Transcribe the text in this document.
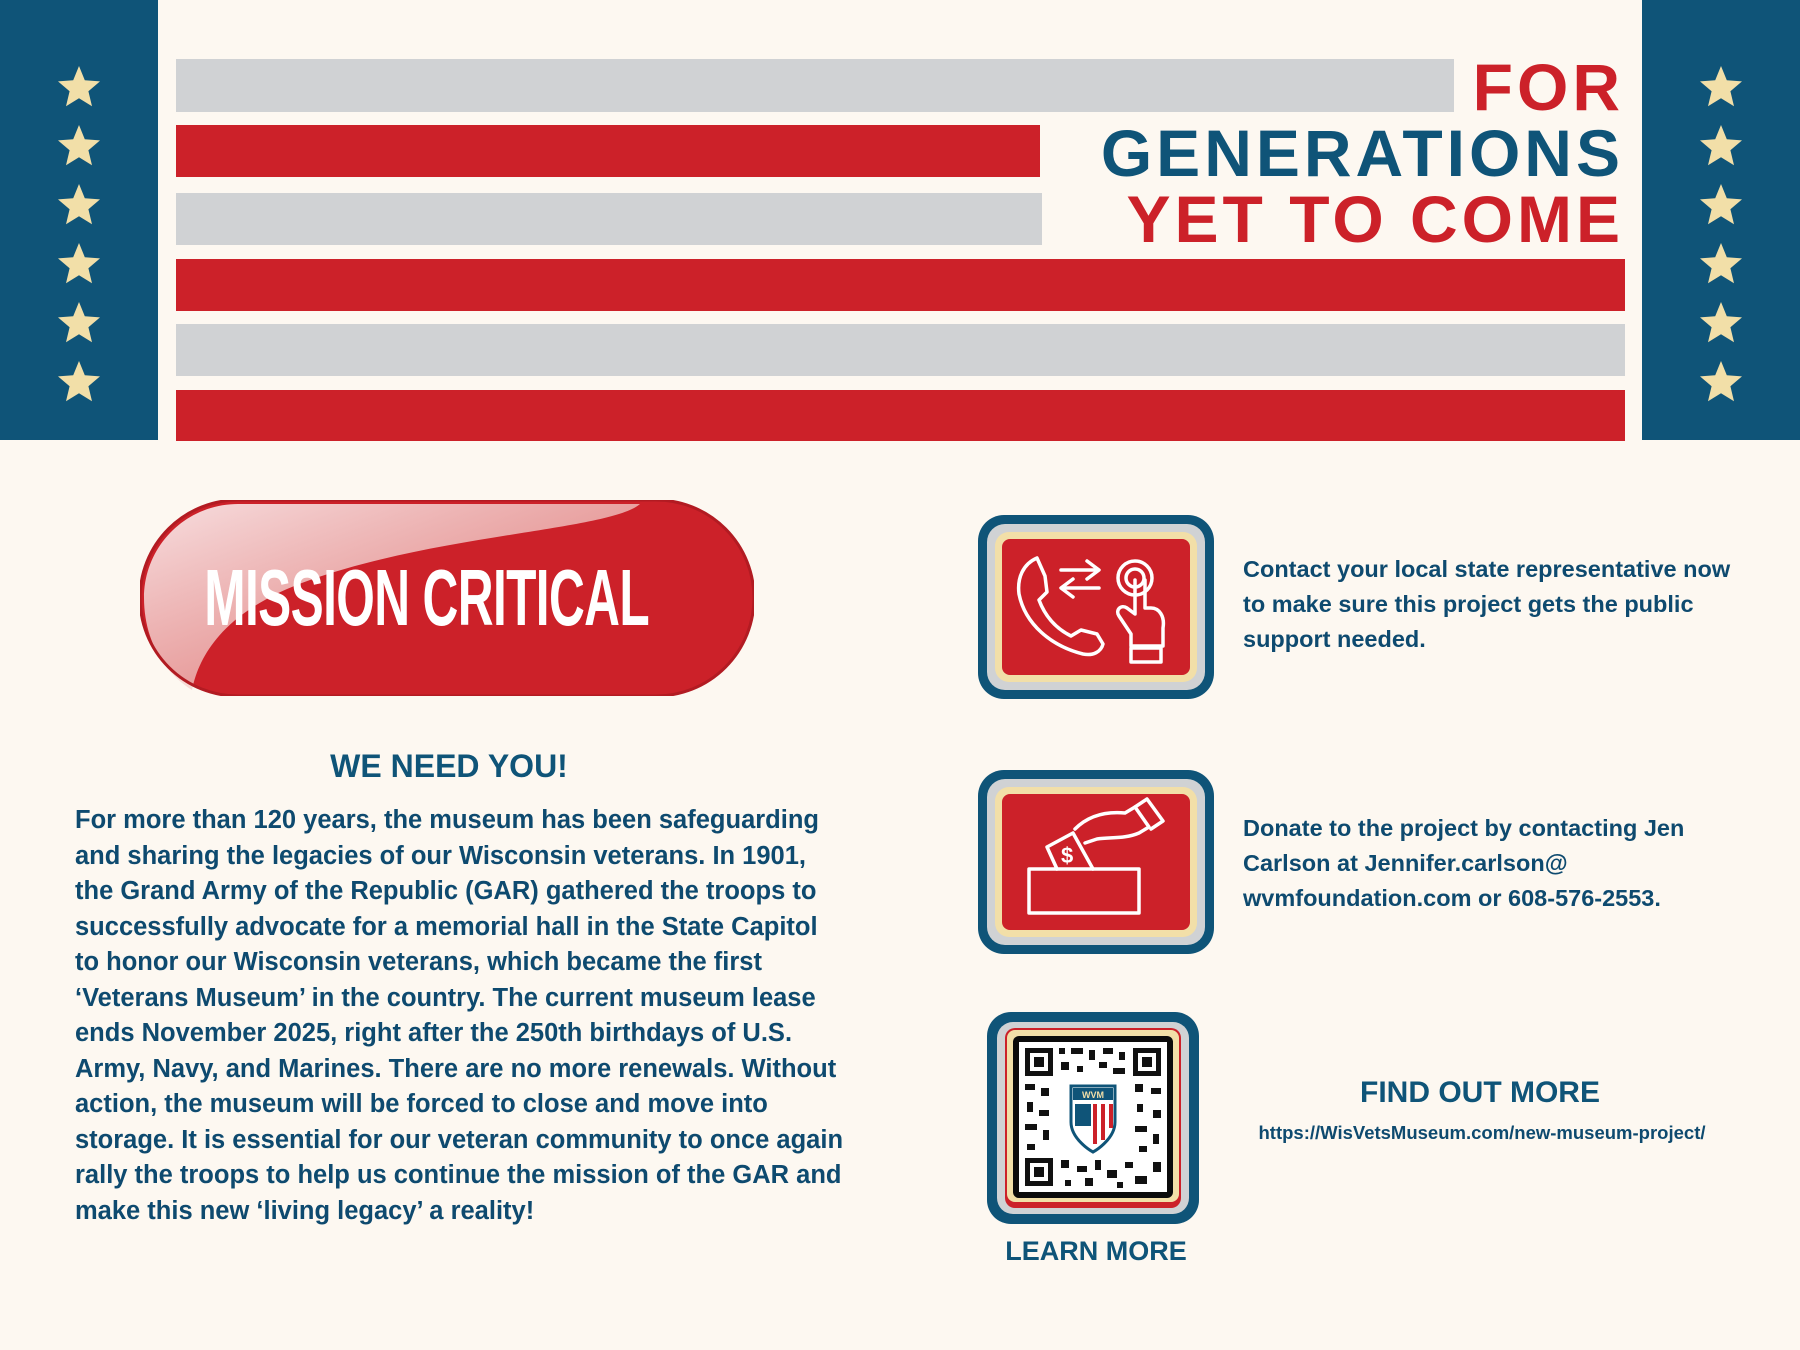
FOR
GENERATIONS
YET TO COME
MISSION CRITICAL
WE NEED YOU!
For more than 120 years, the museum has been safeguarding and sharing the legacies of our Wisconsin veterans. In 1901, the Grand Army of the Republic (GAR) gathered the troops to successfully advocate for a memorial hall in the State Capitol to honor our Wisconsin veterans, which became the first ‘Veterans Museum’ in the country. The current museum lease ends November 2025, right after the 250th birthdays of U.S. Army, Navy, and Marines. There are no more renewals. Without action, the museum will be forced to close and move into storage. It is essential for our veteran community to once again rally the troops to help us continue the mission of the GAR and make this new ‘living legacy’ a reality!
Contact your local state representative now to make sure this project gets the public support needed.
$
Donate to the project by contacting Jen Carlson at Jennifer.carlson@ wvmfoundation.com or 608-576-2553.
WVM
LEARN MORE
FIND OUT MORE
https://WisVetsMuseum.com/new-museum-project/
